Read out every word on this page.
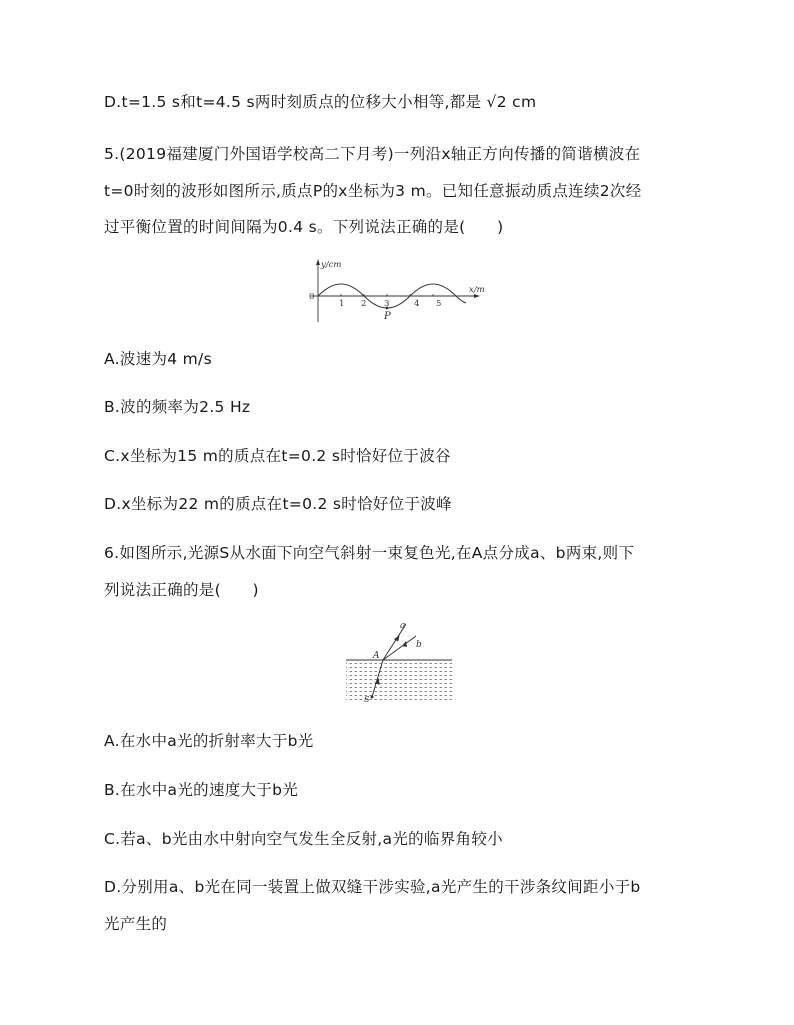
D.t=1.5 s和t=4.5 s两时刻质点的位移大小相等,都是 √2 cm
5.(2019福建厦门外国语学校高二下月考)一列沿x轴正方向传播的简谐横波在
t=0时刻的波形如图所示,质点P的x坐标为3 m。已知任意振动质点连续2次经
过平衡位置的时间间隔为0.4 s。下列说法正确的是(　　)
y/cm
x/m
0
1 2 3	4 5
P
A.波速为4 m/s
B.波的频率为2.5 Hz
C.x坐标为15 m的质点在t=0.2 s时恰好位于波谷
D.x坐标为22 m的质点在t=0.2 s时恰好位于波峰
6.如图所示,光源S从水面下向空气斜射一束复色光,在A点分成a、b两束,则下
列说法正确的是(　　)
a
b
A
S
A.在水中a光的折射率大于b光
B.在水中a光的速度大于b光
C.若a、b光由水中射向空气发生全反射,a光的临界角较小
D.分别用a、b光在同一装置上做双缝干涉实验,a光产生的干涉条纹间距小于b
光产生的
